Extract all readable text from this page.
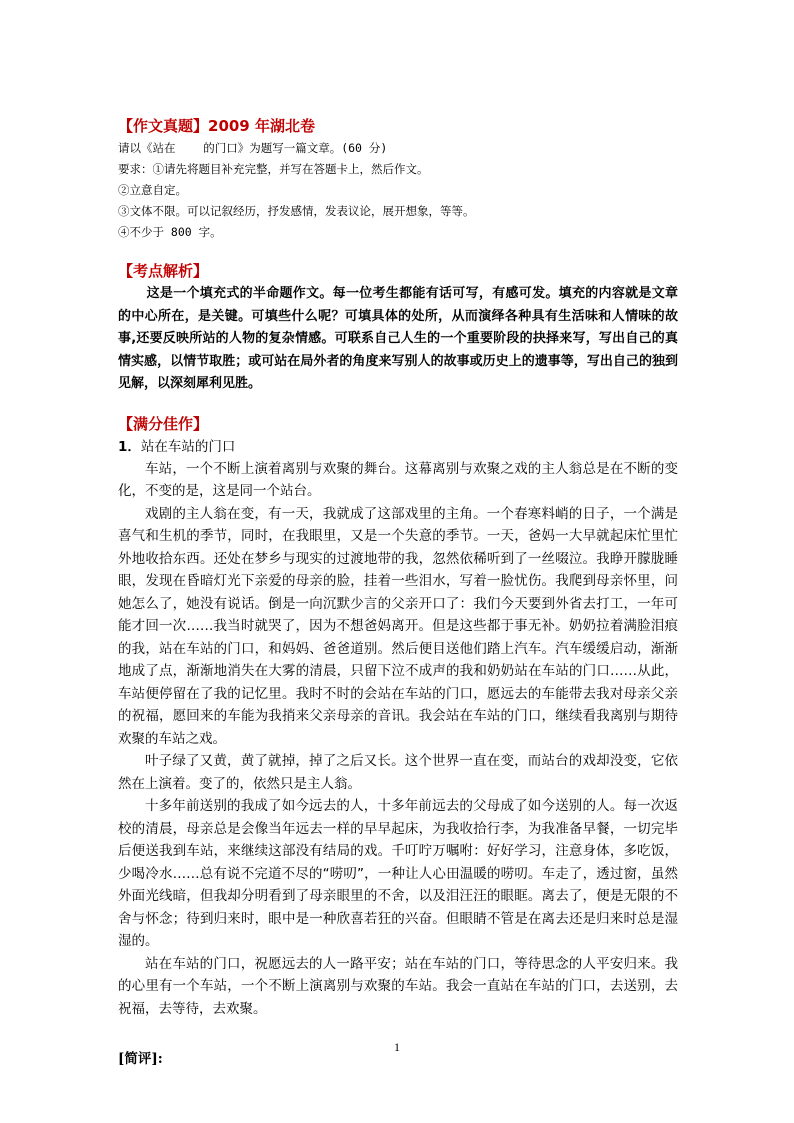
【作文真题】2009 年湖北卷

请以《站在    的门口》为题写一篇文章。(60 分)

要求：①请先将题目补充完整，并写在答题卡上，然后作文。

②立意自定。

③文体不限。可以记叙经历，抒发感情，发表议论，展开想象，等等。

④不少于 800 字。

【考点解析】

这是一个填充式的半命题作文。每一位考生都能有话可写，有感可发。填充的内容就是文章的中心所在，是关键。可填些什么呢？可填具体的处所，从而演绎各种具有生活味和人情味的故事,还要反映所站的人物的复杂情感。可联系自己人生的一个重要阶段的抉择来写，写出自己的真情实感，以情节取胜；或可站在局外者的角度来写别人的故事或历史上的遗事等，写出自己的独到见解，以深刻犀利见胜。

【满分佳作】

1．站在车站的门口

车站，一个不断上演着离别与欢聚的舞台。这幕离别与欢聚之戏的主人翁总是在不断的变化，不变的是，这是同一个站台。

戏剧的主人翁在变，有一天，我就成了这部戏里的主角。一个春寒料峭的日子，一个满是喜气和生机的季节，同时，在我眼里，又是一个失意的季节。一天，爸妈一大早就起床忙里忙外地收拾东西。还处在梦乡与现实的过渡地带的我，忽然依稀听到了一丝啜泣。我睁开朦胧睡眼，发现在昏暗灯光下亲爱的母亲的脸，挂着一些泪水，写着一脸忧伤。我爬到母亲怀里，问她怎么了，她没有说话。倒是一向沉默少言的父亲开口了：我们今天要到外省去打工，一年可能才回一次……我当时就哭了，因为不想爸妈离开。但是这些都于事无补。奶奶拉着满脸泪痕的我，站在车站的门口，和妈妈、爸爸道别。然后便目送他们踏上汽车。汽车缓缓启动，渐渐地成了点，渐渐地消失在大雾的清晨，只留下泣不成声的我和奶奶站在车站的门口……从此，车站便停留在了我的记忆里。我时不时的会站在车站的门口，愿远去的车能带去我对母亲父亲的祝福，愿回来的车能为我捎来父亲母亲的音讯。我会站在车站的门口，继续看我离别与期待欢聚的车站之戏。

叶子绿了又黄，黄了就掉，掉了之后又长。这个世界一直在变，而站台的戏却没变，它依然在上演着。变了的，依然只是主人翁。

十多年前送别的我成了如今远去的人，十多年前远去的父母成了如今送别的人。每一次返校的清晨，母亲总是会像当年远去一样的早早起床，为我收拾行李，为我准备早餐，一切完毕后便送我到车站，来继续这部没有结局的戏。千叮咛万嘱咐：好好学习，注意身体，多吃饭，少喝冷水……总有说不完道不尽的“唠叨”，一种让人心田温暖的唠叨。车走了，透过窗，虽然外面光线暗，但我却分明看到了母亲眼里的不舍，以及泪汪汪的眼眶。离去了，便是无限的不舍与怀念；待到归来时，眼中是一种欣喜若狂的兴奋。但眼睛不管是在离去还是归来时总是湿湿的。

站在车站的门口，祝愿远去的人一路平安；站在车站的门口，等待思念的人平安归来。我的心里有一个车站，一个不断上演离别与欢聚的车站。我会一直站在车站的门口，去送别，去祝福，去等待，去欢聚。

[简评]:

1
